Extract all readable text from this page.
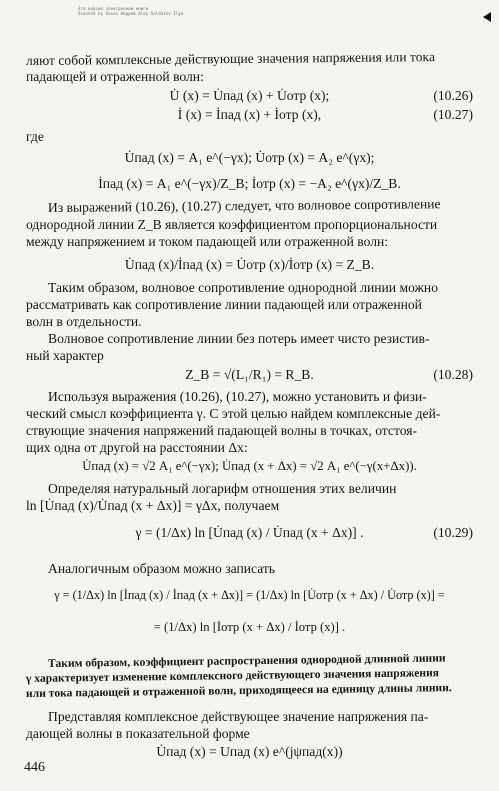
Эта версия электронной книги
Scanned by Vusov Андрей Alex Soldatov Ilya
ляют собой комплексные действующие значения напряжения или тока
падающей и отраженной волн:
U̇ (x) = U̇пад (x) + U̇отр (x);	(10.26)
İ (x) = İпад (x) + İотр (x),	(10.27)
где
U̇пад (x) = A₁ e^(−γx); U̇отр (x) = A₂ e^(γx);
İпад (x) = A₁ e^(−γx)/Z_B; İотр (x) = −A₂ e^(γx)/Z_B.
Из выражений (10.26), (10.27) следует, что волновое сопротивление
однородной линии Z_B является коэффициентом пропорциональности
между напряжением и током падающей или отраженной волн:
U̇пад (x)/İпад (x) = U̇отр (x)/İотр (x) = Z_B.
Таким образом, волновое сопротивление однородной линии можно
рассматривать как сопротивление линии падающей или отраженной
волн в отдельности.
Волновое сопротивление линии без потерь имеет чисто резистив-
ный характер
Z_B = √(L₁/R₁) = R_B.	(10.28)
Используя выражения (10.26), (10.27), можно установить и физи-
ческий смысл коэффициента γ. С этой целью найдем комплексные дей-
ствующие значения напряжений падающей волны в точках, отстоя-
щих одна от другой на расстоянии Δx:
U̇пад (x) = √2 A₁ e^(−γx); U̇пад (x + Δx) = √2 A₁ e^(−γ(x+Δx)).
Определяя натуральный логарифм отношения этих величин
ln [U̇пад (x)/U̇пад (x + Δx)] = γΔx, получаем
γ = (1/Δx) ln [U̇пад (x) / U̇пад (x + Δx)] .	(10.29)
Аналогичным образом можно записать
γ = (1/Δx) ln [İпад (x) / İпад (x + Δx)] = (1/Δx) ln [U̇отр (x + Δx) / U̇отр (x)] =
= (1/Δx) ln [İотр (x + Δx) / İотр (x)] .
Таким образом, коэффициент распространения однородной длинной линии
γ характеризует изменение комплексного действующего значения напряжения
или тока падающей и отраженной волн, приходящееся на единицу длины линии.
Представляя комплексное действующее значение напряжения па-
дающей волны в показательной форме
U̇пад (x) = Uпад (x) e^(jψпад(x))
446
